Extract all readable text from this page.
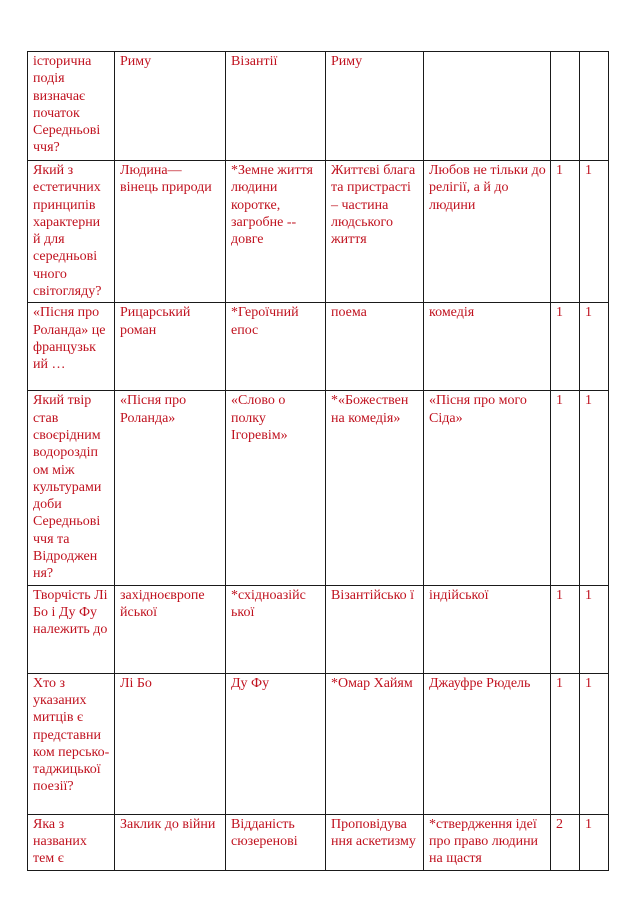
історична подія визначає початок Середньові ччя?	Риму	Візантії	Риму			

Який з естетичних принципів характерни й для середньові чного світогляду?	Людина— вінець природи	*Земне життя людини коротке, загробне -- довге	Життєві блага та пристрасті – частина людського життя	Любов не тільки до релігії, а й до людини	1	1

«Пісня про Роланда» це французьк ий …	Рицарський роман	*Героїчний епос	поема	комедія	1	1

Який твір став своєрідним водороздіп ом між культурами доби Середньові ччя та Відроджен ня?	«Пісня про Роланда»	«Слово о полку Ігоревім»	*«Божествен на комедія»	«Пісня про мого Сіда»	1	1

Творчість Лі Бо і Ду Фу належить до	західноєвропе йської	*східноазійс ької	Візантійсько ї	індійської	1	1

Хто з указаних митців є представни ком персько-таджицької поезії?	Лі Бо	Ду Фу	*Омар Хайям	Джауфре Рюдель	1	1

Яка з названих тем є	Заклик до війни	Відданість сюзеренові	Проповідува ння аскетизму	*ствердження ідеї про право людини на щастя	2	1
